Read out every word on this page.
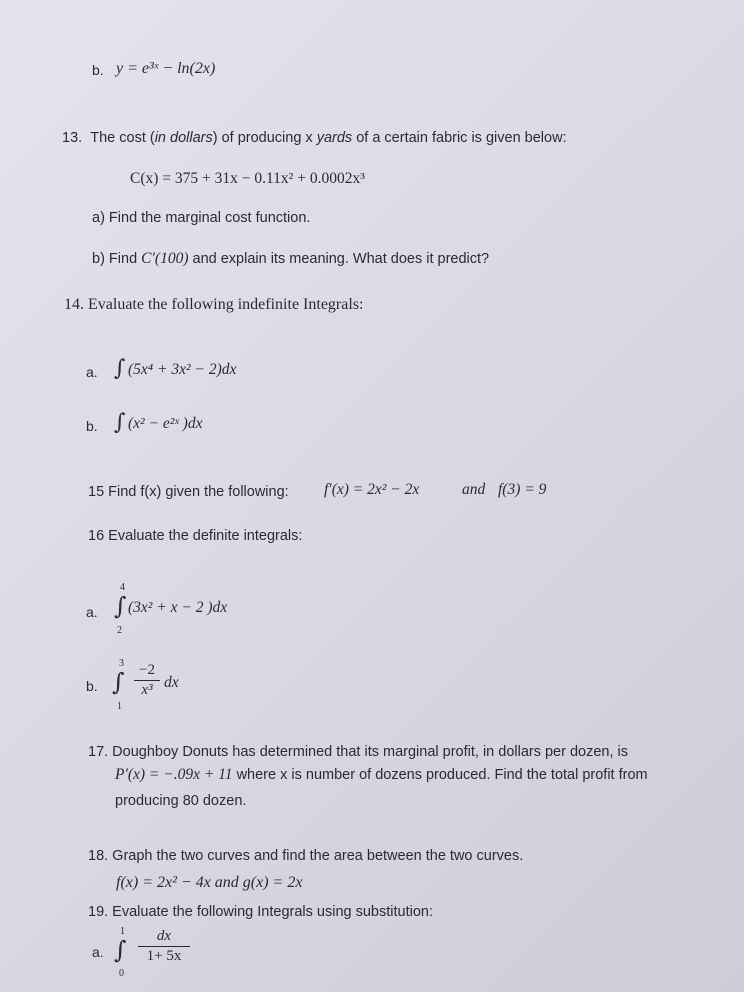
b. y = e³ˣ − ln(2x)
13. The cost (in dollars) of producing x yards of a certain fabric is given below:
C(x) = 375 + 31x − 0.11x² + 0.0002x³
a) Find the marginal cost function.
b) Find C′(100) and explain its meaning. What does it predict?
14. Evaluate the following indefinite Integrals:
a. ∫ (5x⁴ + 3x² − 2)dx
b. ∫ (x² − e²ˣ )dx
15 Find f(x) given the following: f′(x) = 2x² − 2x	and f(3) = 9
16 Evaluate the definite integrals:
a.
4
∫
2
(3x² + x − 2 )dx
b.
3
∫
1
−2
x³ dx
17. Doughboy Donuts has determined that its marginal profit, in dollars per dozen, is
P′(x) = −.09x + 11 where x is number of dozens produced. Find the total profit from
producing 80 dozen.
18. Graph the two curves and find the area between the two curves.
f(x) = 2x² − 4x and g(x) = 2x
19. Evaluate the following Integrals using substitution:
a.
1
∫
0
dx
1+ 5x
